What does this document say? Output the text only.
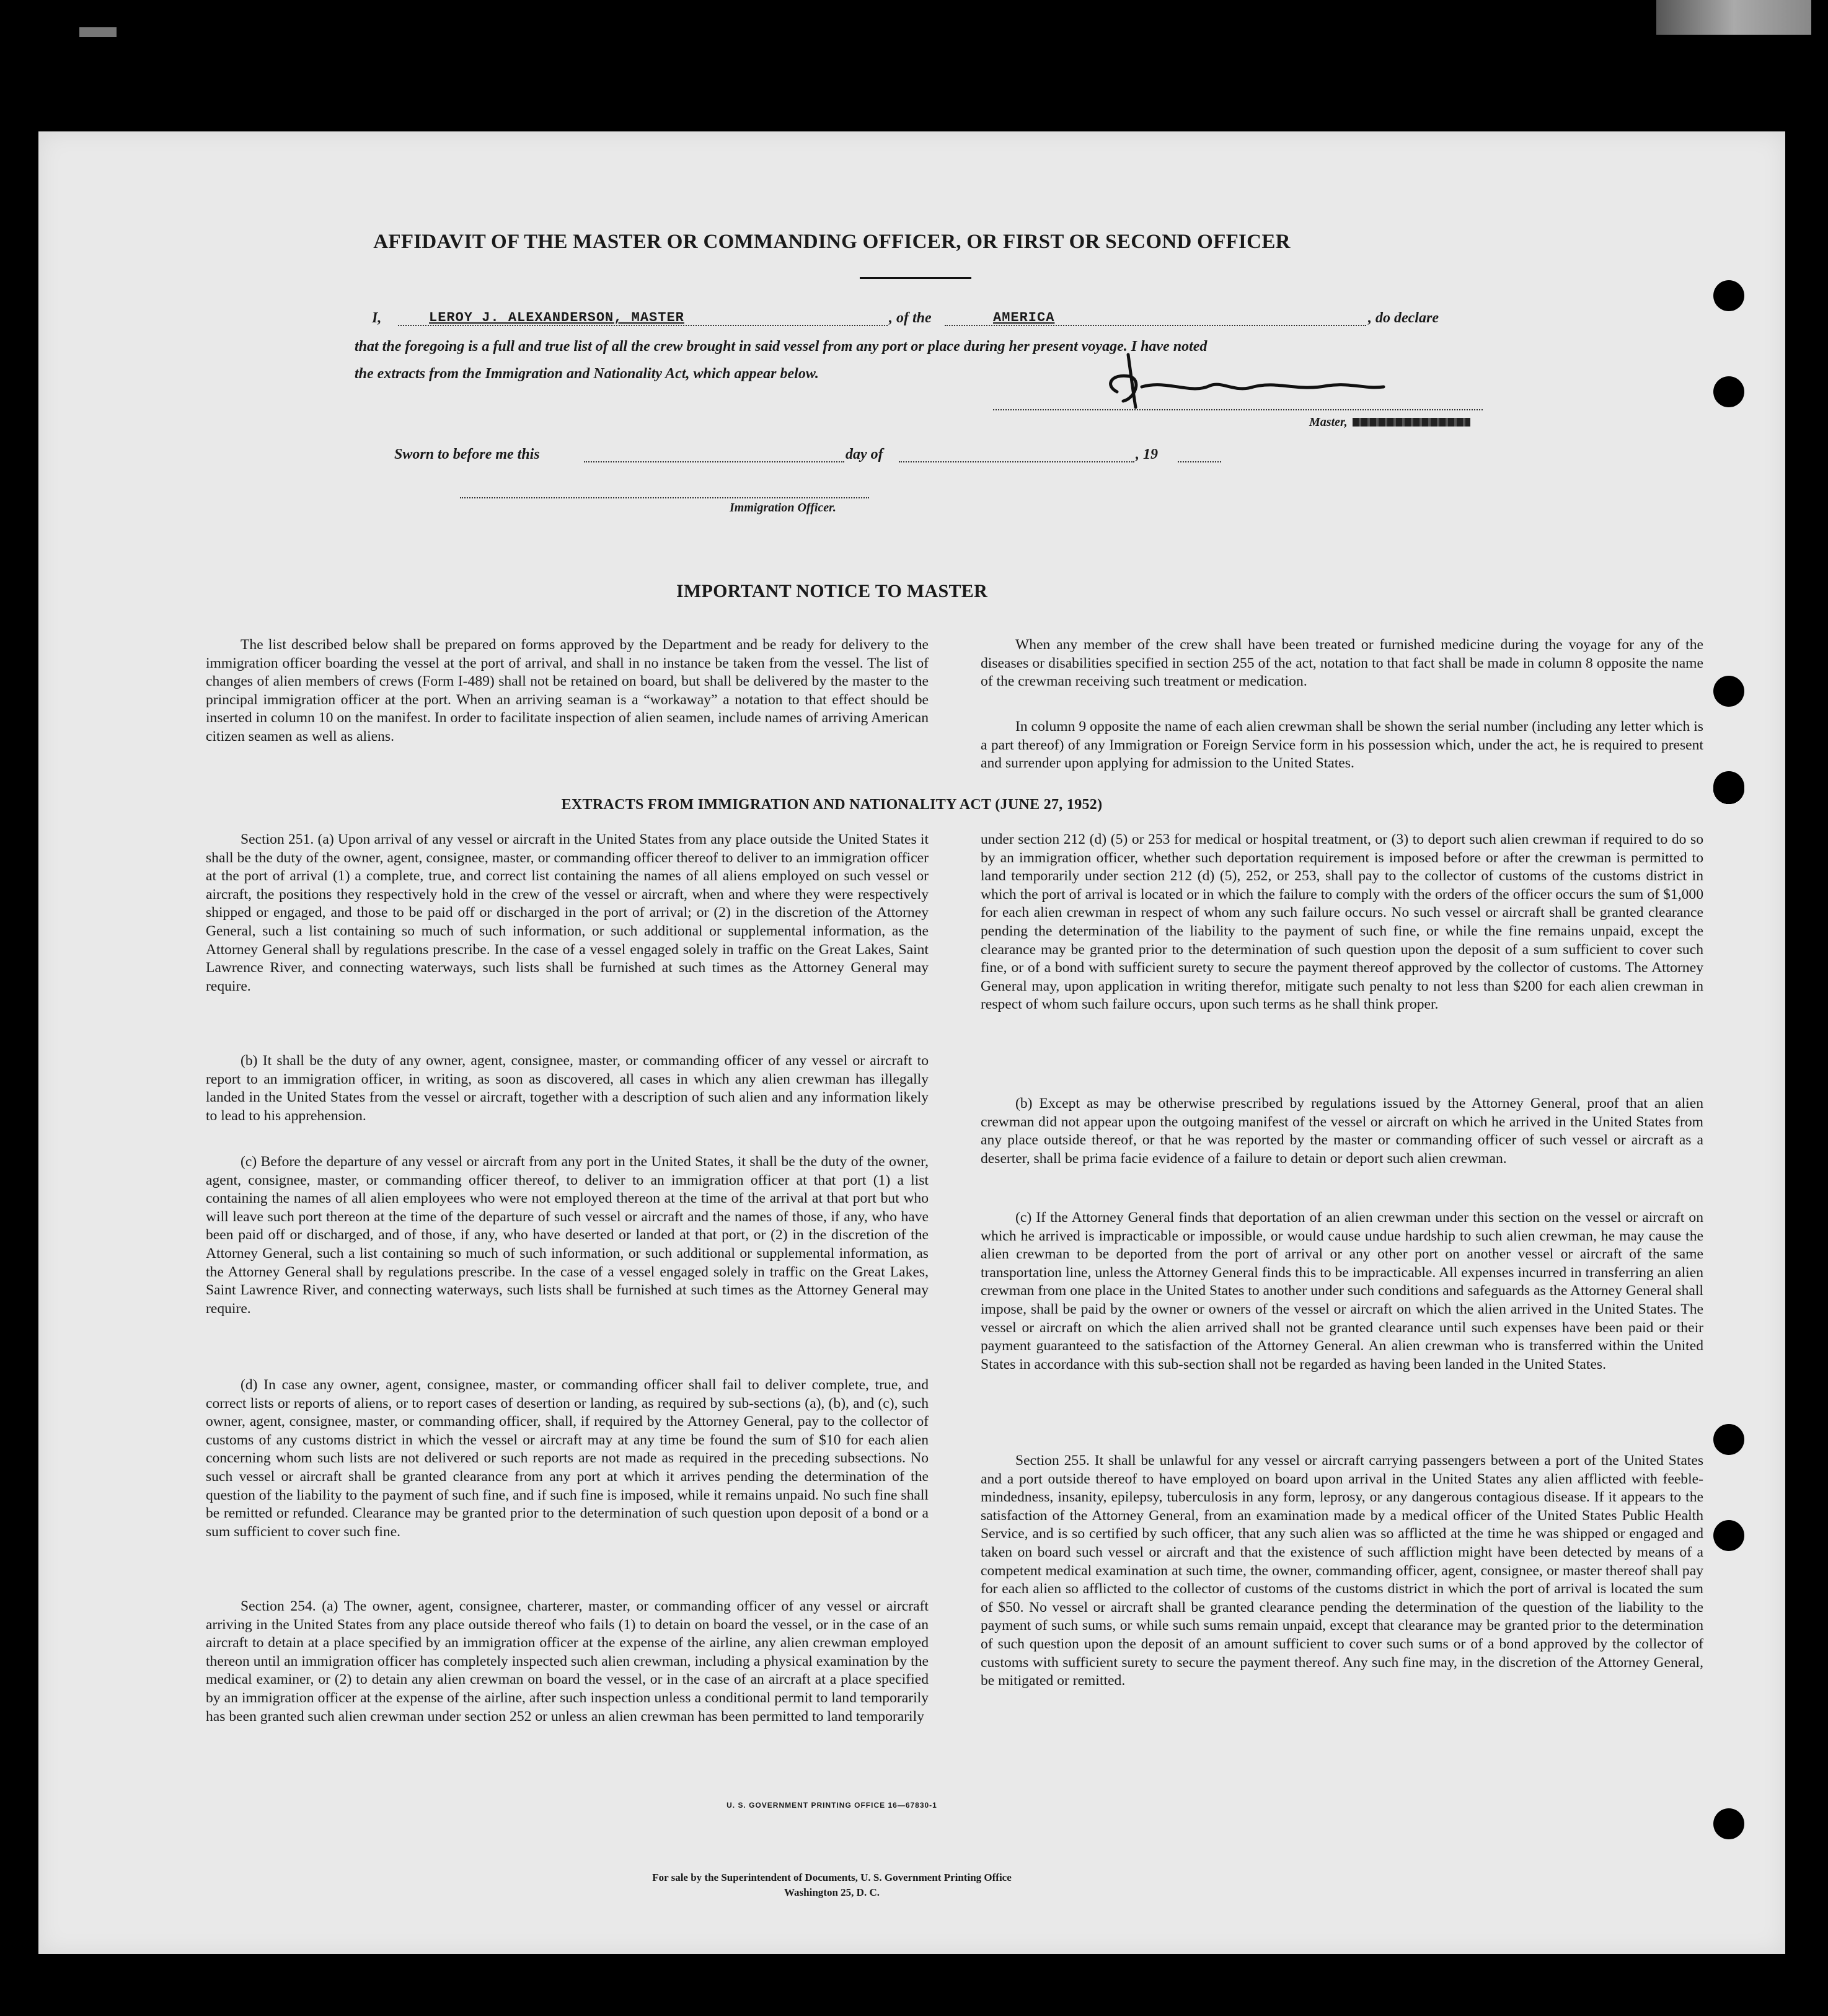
AFFIDAVIT OF THE MASTER OR COMMANDING OFFICER, OR FIRST OR SECOND OFFICER
I,	LEROY J. ALEXANDERSON, MASTER	, of the	AMERICA	, do declare
that the foregoing is a full and true list of all the crew brought in said vessel from any port or place during her present voyage. I have noted
the extracts from the Immigration and Nationality Act, which appear below.
Master,
Sworn to before me this	day of	, 19
Immigration Officer.
IMPORTANT NOTICE TO MASTER
The list described below shall be prepared on forms approved by the Department and be ready for delivery to the immigration officer boarding the vessel at the port of arrival, and shall in no instance be taken from the vessel. The list of changes of alien members of crews (Form I-489) shall not be retained on board, but shall be delivered by the master to the principal immigration officer at the port. When an arriving seaman is a “workaway” a notation to that effect should be inserted in column 10 on the manifest. In order to facilitate inspection of alien seamen, include names of arriving American citizen seamen as well as aliens.
When any member of the crew shall have been treated or furnished medicine during the voyage for any of the diseases or disabilities specified in section 255 of the act, notation to that fact shall be made in column 8 opposite the name of the crewman receiving such treatment or medication.
In column 9 opposite the name of each alien crewman shall be shown the serial number (including any letter which is a part thereof) of any Immigration or Foreign Service form in his possession which, under the act, he is required to present and surrender upon applying for admission to the United States.
EXTRACTS FROM IMMIGRATION AND NATIONALITY ACT (JUNE 27, 1952)
Section 251. (a) Upon arrival of any vessel or aircraft in the United States from any place outside the United States it shall be the duty of the owner, agent, consignee, master, or commanding officer thereof to deliver to an immigration officer at the port of arrival (1) a complete, true, and correct list containing the names of all aliens employed on such vessel or aircraft, the positions they respectively hold in the crew of the vessel or aircraft, when and where they were respectively shipped or engaged, and those to be paid off or discharged in the port of arrival; or (2) in the discretion of the Attorney General, such a list containing so much of such information, or such additional or supplemental information, as the Attorney General shall by regulations prescribe. In the case of a vessel engaged solely in traffic on the Great Lakes, Saint Lawrence River, and connecting waterways, such lists shall be furnished at such times as the Attorney General may require.
(b) It shall be the duty of any owner, agent, consignee, master, or commanding officer of any vessel or aircraft to report to an immigration officer, in writing, as soon as discovered, all cases in which any alien crewman has illegally landed in the United States from the vessel or aircraft, together with a description of such alien and any information likely to lead to his apprehension.
(c) Before the departure of any vessel or aircraft from any port in the United States, it shall be the duty of the owner, agent, consignee, master, or commanding officer thereof, to deliver to an immigration officer at that port (1) a list containing the names of all alien employees who were not employed thereon at the time of the arrival at that port but who will leave such port thereon at the time of the departure of such vessel or aircraft and the names of those, if any, who have been paid off or discharged, and of those, if any, who have deserted or landed at that port, or (2) in the discretion of the Attorney General, such a list containing so much of such information, or such additional or supplemental information, as the Attorney General shall by regulations prescribe. In the case of a vessel engaged solely in traffic on the Great Lakes, Saint Lawrence River, and connecting waterways, such lists shall be furnished at such times as the Attorney General may require.
(d) In case any owner, agent, consignee, master, or commanding officer shall fail to deliver complete, true, and correct lists or reports of aliens, or to report cases of desertion or landing, as required by sub-sections (a), (b), and (c), such owner, agent, consignee, master, or commanding officer, shall, if required by the Attorney General, pay to the collector of customs of any customs district in which the vessel or aircraft may at any time be found the sum of $10 for each alien concerning whom such lists are not delivered or such reports are not made as required in the preceding subsections. No such vessel or aircraft shall be granted clearance from any port at which it arrives pending the determination of the question of the liability to the payment of such fine, and if such fine is imposed, while it remains unpaid. No such fine shall be remitted or refunded. Clearance may be granted prior to the determination of such question upon deposit of a bond or a sum sufficient to cover such fine.
Section 254. (a) The owner, agent, consignee, charterer, master, or commanding officer of any vessel or aircraft arriving in the United States from any place outside thereof who fails (1) to detain on board the vessel, or in the case of an aircraft to detain at a place specified by an immigration officer at the expense of the airline, any alien crewman employed thereon until an immigration officer has completely inspected such alien crewman, including a physical examination by the medical examiner, or (2) to detain any alien crewman on board the vessel, or in the case of an aircraft at a place specified by an immigration officer at the expense of the airline, after such inspection unless a conditional permit to land temporarily has been granted such alien crewman under section 252 or unless an alien crewman has been permitted to land temporarily
under section 212 (d) (5) or 253 for medical or hospital treatment, or (3) to deport such alien crewman if required to do so by an immigration officer, whether such deportation requirement is imposed before or after the crewman is permitted to land temporarily under section 212 (d) (5), 252, or 253, shall pay to the collector of customs of the customs district in which the port of arrival is located or in which the failure to comply with the orders of the officer occurs the sum of $1,000 for each alien crewman in respect of whom any such failure occurs. No such vessel or aircraft shall be granted clearance pending the determination of the liability to the payment of such fine, or while the fine remains unpaid, except the clearance may be granted prior to the determination of such question upon the deposit of a sum sufficient to cover such fine, or of a bond with sufficient surety to secure the payment thereof approved by the collector of customs. The Attorney General may, upon application in writing therefor, mitigate such penalty to not less than $200 for each alien crewman in respect of whom such failure occurs, upon such terms as he shall think proper.
(b) Except as may be otherwise prescribed by regulations issued by the Attorney General, proof that an alien crewman did not appear upon the outgoing manifest of the vessel or aircraft on which he arrived in the United States from any place outside thereof, or that he was reported by the master or commanding officer of such vessel or aircraft as a deserter, shall be prima facie evidence of a failure to detain or deport such alien crewman.
(c) If the Attorney General finds that deportation of an alien crewman under this section on the vessel or aircraft on which he arrived is impracticable or impossible, or would cause undue hardship to such alien crewman, he may cause the alien crewman to be deported from the port of arrival or any other port on another vessel or aircraft of the same transportation line, unless the Attorney General finds this to be impracticable. All expenses incurred in transferring an alien crewman from one place in the United States to another under such conditions and safeguards as the Attorney General shall impose, shall be paid by the owner or owners of the vessel or aircraft on which the alien arrived in the United States. The vessel or aircraft on which the alien arrived shall not be granted clearance until such expenses have been paid or their payment guaranteed to the satisfaction of the Attorney General. An alien crewman who is transferred within the United States in accordance with this sub-section shall not be regarded as having been landed in the United States.
Section 255. It shall be unlawful for any vessel or aircraft carrying passengers between a port of the United States and a port outside thereof to have employed on board upon arrival in the United States any alien afflicted with feeble-mindedness, insanity, epilepsy, tuberculosis in any form, leprosy, or any dangerous contagious disease. If it appears to the satisfaction of the Attorney General, from an examination made by a medical officer of the United States Public Health Service, and is so certified by such officer, that any such alien was so afflicted at the time he was shipped or engaged and taken on board such vessel or aircraft and that the existence of such affliction might have been detected by means of a competent medical examination at such time, the owner, commanding officer, agent, consignee, or master thereof shall pay for each alien so afflicted to the collector of customs of the customs district in which the port of arrival is located the sum of $50. No vessel or aircraft shall be granted clearance pending the determination of the question of the liability to the payment of such sums, or while such sums remain unpaid, except that clearance may be granted prior to the determination of such question upon the deposit of an amount sufficient to cover such sums or of a bond approved by the collector of customs with sufficient surety to secure the payment thereof. Any such fine may, in the discretion of the Attorney General, be mitigated or remitted.
U. S. GOVERNMENT PRINTING OFFICE 16—67830-1
For sale by the Superintendent of Documents, U. S. Government Printing Office
Washington 25, D. C.
